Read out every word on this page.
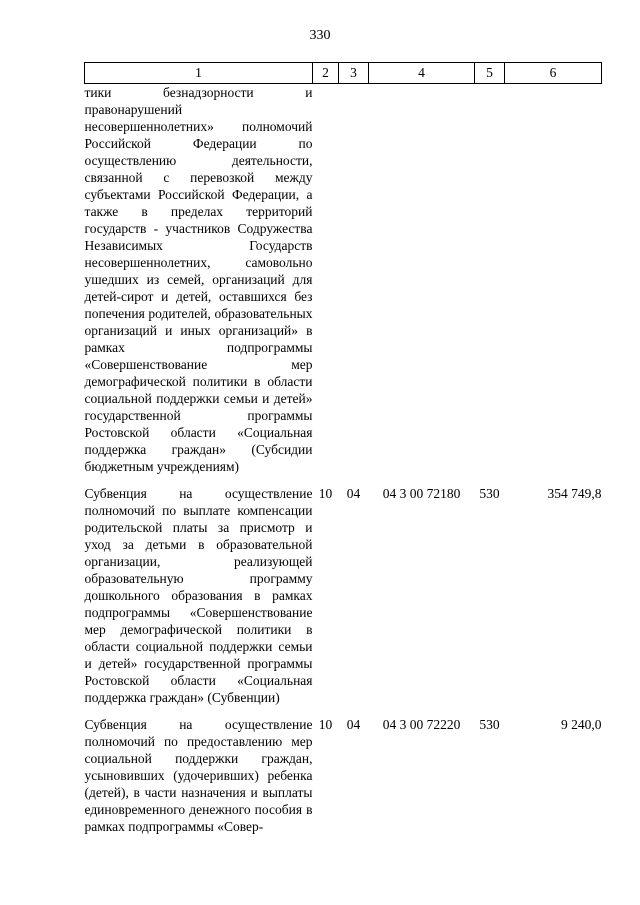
330
1	2	3	4	5	6
тики безнадзорности и правонарушений несовершеннолетних» полномочий Российской Федерации по осуществлению деятельности, связанной с перевозкой между субъектами Российской Федерации, а также в пределах территорий государств - участников Содружества Независимых Государств несовершеннолетних, самовольно ушедших из семей, организаций для детей-сирот и детей, оставшихся без попечения родителей, образовательных организаций и иных организаций» в рамках подпрограммы «Совершенствование мер демографической политики в области социальной поддержки семьи и детей» государственной программы Ростовской области «Социальная поддержка граждан» (Субсидии бюджетным учреждениям)					
Субвенция на осуществление полномочий по выплате компенсации родительской платы за присмотр и уход за детьми в образовательной организации, реализующей образовательную программу дошкольного образования в рамках подпрограммы «Совершенствование мер демографической политики в области социальной поддержки семьи и детей» государственной программы Ростовской области «Социальная поддержка граждан» (Субвенции)	10	04	04 3 00 72180	530	354 749,8
Субвенция на осуществление полномочий по предоставлению мер социальной поддержки граждан, усыновивших (удочеривших) ребенка (детей), в части назначения и выплаты единовременного денежного пособия в рамках подпрограммы «Совер-	10	04	04 3 00 72220	530	9 240,0
